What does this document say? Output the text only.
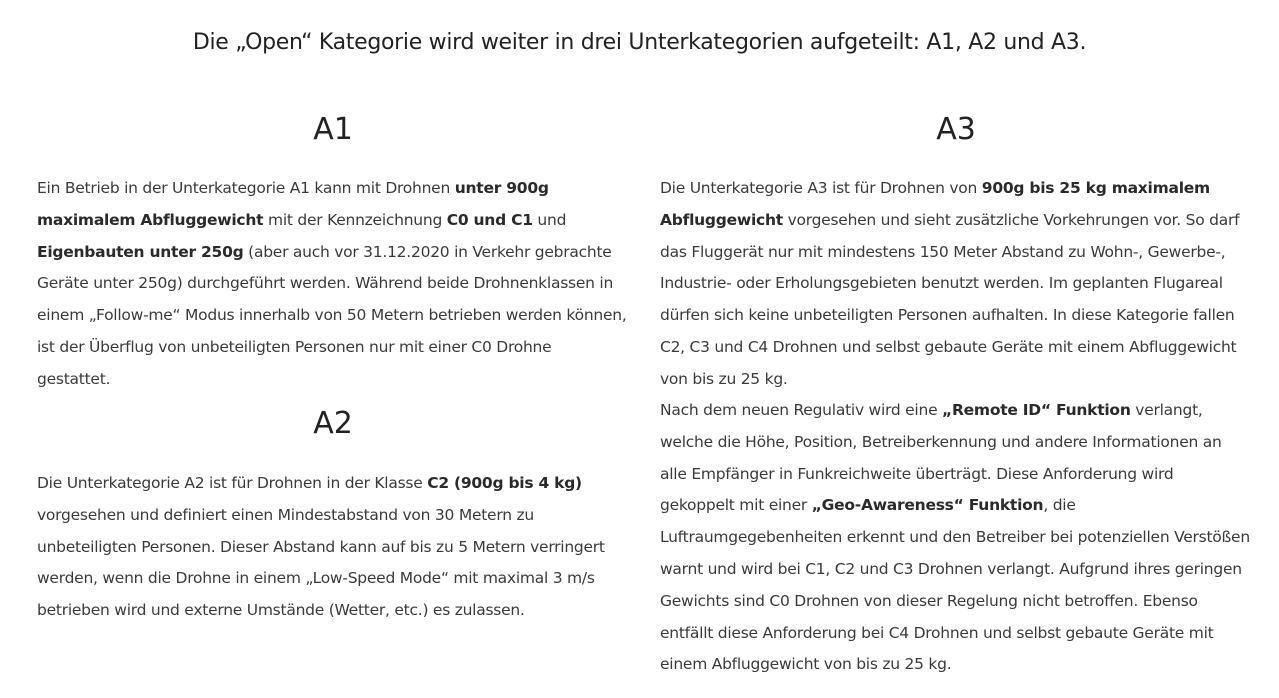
Die „Open“ Kategorie wird weiter in drei Unterkategorien aufgeteilt: A1, A2 und A3.
A1

Ein Betrieb in der Unterkategorie A1 kann mit Drohnen unter 900g maximalem Abfluggewicht mit der Kennzeichnung C0 und C1 und Eigenbauten unter 250g (aber auch vor 31.12.2020 in Verkehr gebrachte Geräte unter 250g) durchgeführt werden. Während beide Drohnenklassen in einem „Follow-me“ Modus innerhalb von 50 Metern betrieben werden können, ist der Überflug von unbeteiligten Personen nur mit einer C0 Drohne gestattet.

A2

Die Unterkategorie A2 ist für Drohnen in der Klasse C2 (900g bis 4 kg) vorgesehen und definiert einen Mindestabstand von 30 Metern zu unbeteiligten Personen. Dieser Abstand kann auf bis zu 5 Metern verringert werden, wenn die Drohne in einem „Low-Speed Mode“ mit maximal 3 m/s betrieben wird und externe Umstände (Wetter, etc.) es zulassen.

A3

Die Unterkategorie A3 ist für Drohnen von 900g bis 25 kg maximalem Abfluggewicht vorgesehen und sieht zusätzliche Vorkehrungen vor. So darf das Fluggerät nur mit mindestens 150 Meter Abstand zu Wohn-, Gewerbe-, Industrie- oder Erholungsgebieten benutzt werden. Im geplanten Flugareal dürfen sich keine unbeteiligten Personen aufhalten. In diese Kategorie fallen C2, C3 und C4 Drohnen und selbst gebaute Geräte mit einem Abfluggewicht von bis zu 25 kg.

Nach dem neuen Regulativ wird eine „Remote ID“ Funktion verlangt, welche die Höhe, Position, Betreiberkennung und andere Informationen an alle Empfänger in Funkreichweite überträgt. Diese Anforderung wird gekoppelt mit einer „Geo-Awareness“ Funktion, die Luftraumgegebenheiten erkennt und den Betreiber bei potenziellen Verstößen warnt und wird bei C1, C2 und C3 Drohnen verlangt. Aufgrund ihres geringen Gewichts sind C0 Drohnen von dieser Regelung nicht betroffen. Ebenso entfällt diese Anforderung bei C4 Drohnen und selbst gebaute Geräte mit einem Abfluggewicht von bis zu 25 kg.
